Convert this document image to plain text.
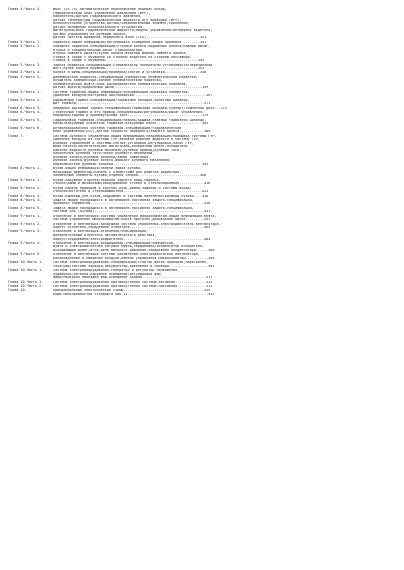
Глава 4.Часть 4.	ИКПП (VX-75)-автоматическое переключение передач-обзор,
гидравлический блок управления давлением (ИРУ),
накопитель/датчик гидравлического давления,
датчик температуры гидравлической жидкости,игу проводов (ИРУ).
исполнительное устройство,датчик/соединительный элемент/сцепление,
датчик положения исполнительного устройства,
магистрали/блок гидравлической жидкости,модуль управления/интерфейс водителя,
органы управления на рулевом колесе,
датчик частоты вращения первичного вала (ISS)..........................323
Глава 5.Часть 1.	Подвеска-общая информация/регулировка схождения-общая проверка.........341
Глава 5.Часть 2.	Передняя подвеска-спецификации/ступица колеса,подшипник колеса/нижний рычаг,
втулка и соединительный рычаг стабилизатора,
втулки нижнего рычага/кулак колеса,верхний шарнир нижнего колеса,
стойка в сборе с пружиной со стороны водителя,со стороны пассажира,
стойка в сборе с пружиной.............................................343
Глава 5.Часть 3.	Задняя подвеска-спецификации,стабилизатор поперечной устойчивости/неразрезной
мост,кулак колеса,пружина.............................................353
Глава 5.Часть 4.	Колеса и шины-спецификации/проверка/снятие и установка.................358
Глава 5.Часть 5.	Динамическая подвеска-спецификации,компрессор пневматической подвески,
осушитель компрессора,баллон пневматической подвески,
пневматическая муфта,блок распределителя пневматических клапанов,
датчик высоты/продольный рычаг..........................................359
Глава 6.Часть 1.	Система тормозов-общая информация/спецификации,проверка элементов,
удаление воздуха/настройка ABS/проверка...................................367
Глава 6.Часть 2.	Барабанный тормоз-спецификации/тормозные колодки,колесный цилиндр,
щит тормоза..............................................................371
Глава 6.Часть 3.	Передний дисковый тормоз-спецификации/тормозные колодки,суппорт/тормозной диск...375
Глава 6.Часть 4.	Стояночный тормоз и его привод-спецификации/регулировка/рычаг управления,
передний/задний и промежуточный трос....................................379
Глава 6.Часть 5.	Гидропривод тормозов-спецификации/педаль/крышка,главный тормозной цилиндр,
бачок/вакуумный усилитель тормозов,вакуумный насос......................383
Глава 6.Часть 6.	Антиблокировочная система тормозов-спецификации/гидравлический
блок управления(ECU),датчик скорости переднего/заднего колеса............389
Глава 7.	Система рулевого управления-общая информация/спецификации/промывка системы ГУР,
удаление воздуха из системы ГУР,заливка рабочей жидкости в систему ГУР,
рулевое управление и системы-снятие,установка,регулировка,насос ГУР,
шкив насоса/нагнетательная магистраль,возвратный шланг/охладитель
рабочей жидкости,рулевой механизм,рулевой привод/рулевые тяги,
наконечник рулевой тяги/чехол рулевого механизма,
рулевое колесо/рулевые колонки/замок зажигания,
рулевое колесо/рулевое колесо,вариант рулевого механизма,
переключатели рулевой колонки...........................................393
Глава 8.Часть 1.	Кузов-общая информация/панели задка кузова,
воздушный дефлектор/панель с отверстием для решетки радиатора,
заливочные элементы кузова,отделка салона..............................408
Глава 8.Часть 1.	Кузов-наружная отделка/зеркала заднего вида,сиденья,
стекла/рамы и механизмы/оборудование стекол и стеклоподъемник............416
Глава 8.Часть 2.	Кузов-панель приборов и консоль,руль,ремни,защелки и системы входа,
стеклоочистители и стеклоомыватели......................................423
Глава 8.Часть 4.	Кузов-бамперы,уни-кузов,подрамник и системы крепления/размеры кузова....430
Глава 8.Часть 4.	Защита людей находящихся в автомобиле-пассивная защита-спецификации,
проверка элементов.......................................................438
Глава 8.Часть 5.	Защита людей находящихся в автомобиле-пассивная защита-спецификации,
система SRS (Airbag).....................................................441
Глава 9.Часть 1.	Отопление и вентиляция-система управления микроклиматом-общая информация-муфта,
система управления микроклиматом-поиск протечек,добавление масла.........451
Глава 9.Часть 2.	Отопление и вентиляция-воздушная система управления-электродвигатель вентилятора,
корпус отопителя,сердцевина отопителя....................................465
Глава 9.Часть 3.	Отопление и вентиляция-отопление/спецификации,
дополнительный отопитель автоматического действия,
корпус/сердцевина/электродвигатель.......................................484
Глава 9.Часть 4.	Отопление и вентиляция-кондиционер-спецификации/компрессор,
муфта и электромагнитная катушка муфты,сердцевина/конденсатор испарителя,
всасывающий шланг/игла,реле высокого давления,сердцевина конденсатора......488
Глава 9.Часть 5.	Отопление и вентиляция-система управления-электродвигатель вентилятора,
распределение и смешение воздуха,панель управления микроклиматом...........499
Глава 10.Часть 1.	Система электрооборудования-спецификации/стартер,щиток приборов,парктроник,
тахограф/система зарядки,аккумулятор,крепления и провода...................502
Глава 10.Часть 1.	Система электрооборудования-генератор и регулятор напряжения,
аудиоблок/антенна,наружное освещение/регулировка фар,
фары/передняя накладка фар,освещение салона...............................517
Глава 10.Часть 1.	Система электрооборудования-противоугонная система-активная...............525
Глава 10.Часть 2.	Система электрооборудования-противоугонная система-пассивная..............531
Глава 10.	Принципиальные электрические схемы.......................................535
Коды неисправностей стандарта OBD II.......................................553
